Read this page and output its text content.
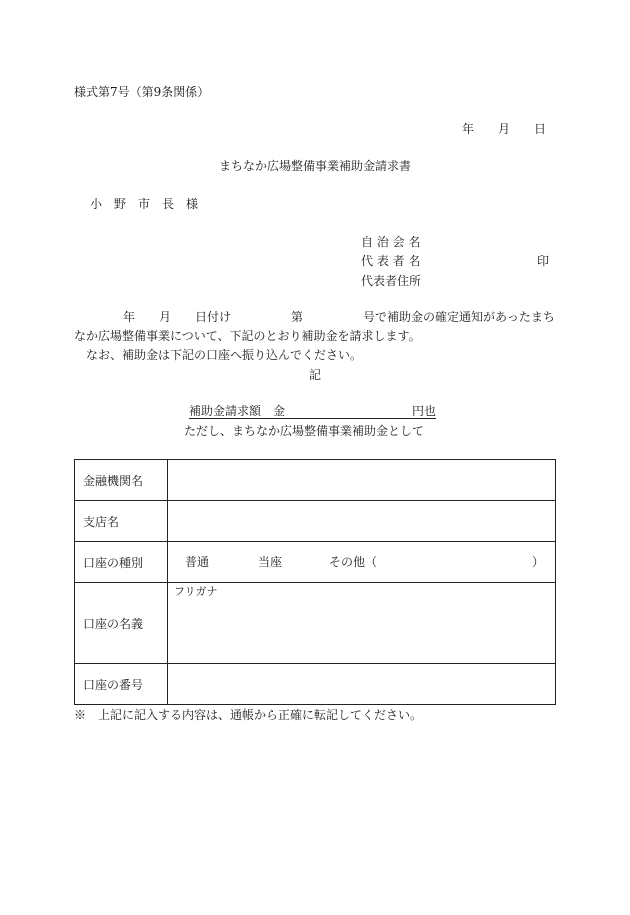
様式第7号（第9条関係）
年　　月　　日
まちなか広場整備事業補助金請求書
小　野　市　長　様
自 治 会 名
代 表 者 名	印
代表者住所
年　　月　　日付け　　　　　第　　　　　号で補助金の確定通知があったまち
なか広場整備事業について、下記のとおり補助金を請求します。
なお、補助金は下記の口座へ振り込んでください。
記
補助金請求額　金	円也
ただし、まちなか広場整備事業補助金として
金融機関名	
支店名	
口座の種別	普通 当座 その他（ ）

口座の名義	フリガナ

口座の番号	
※　上記に記入する内容は、通帳から正確に転記してください。
